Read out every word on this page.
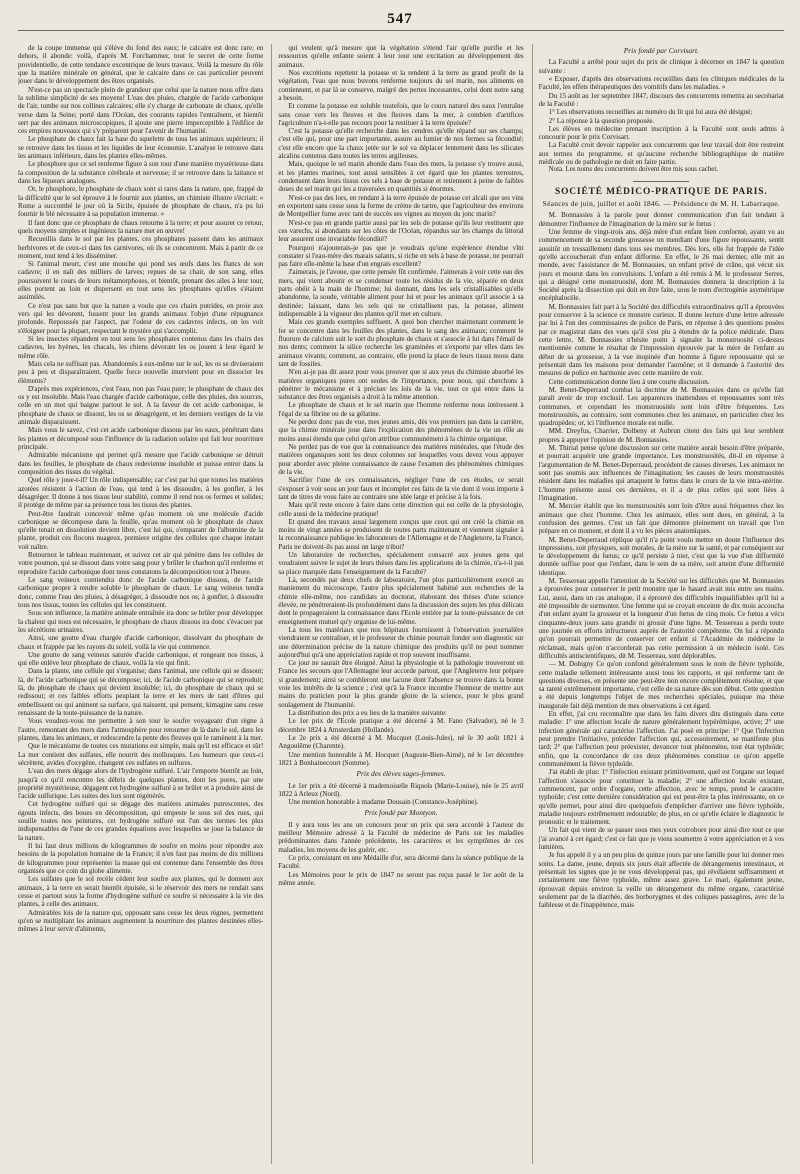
547

de la coupe immense qui s'élève du fond des eaux; le calcaire est donc rare; en dehors, il abonde: voilà, d'après M. Forchammer, tout le secret de cette forme providentielle, de cette tendance excentrique de leurs travaux. Voilà la mesure du rôle que la matière minérale en général, que le calcaire dans ce cas particulier peuvent jouer dans le développement des êtres organisés.

N'est-ce pas un spectacle plein de grandeur que celui que la nature nous offre dans la sublime simplicité de ses moyens! L'eau des pluies, chargée de l'acide carbonique de l'air, tombe sur nos collines calcaires; elle s'y charge de carbonate de chaux, qu'elle verse dans la Seine; porté dans l'Océan, des courants rapides l'entraînent, et bientôt sert par des animaux microscopiques, il ajoute une pierre imperceptible à l'édifice de ces empires nouveaux qui s'y préparent pour l'avenir de l'humanité.

Le phosphate de chaux fait la base du squelette de tous les animaux supérieurs; il se retrouve dans les tissus et les liquides de leur économie. L'analyse le retrouve dans les animaux inférieurs, dans les plantes elles-mêmes.

Le phosphore que ce sel renferme figure à son tour d'une manière mystérieuse dans la composition de la substance cérébrale et nerveuse; il se retrouve dans la laitance et dans les liqueurs analogues.

Or, le phosphore, le phosphate de chaux sont si rares dans la nature, que, frappé de la difficulté que le sol éprouve à le fournir aux plantes, un chimiste illustre s'écriait: « Rome a succombé le jour où la Sicile, épuisée de phosphate de chaux, n'a pu lui fournir le blé nécessaire à sa population immense. »

Il faut donc que ce phosphate de chaux retourne à la terre; et pour assurer ce retour, quels moyens simples et ingénieux la nature met en œuvre!

Recueillis dans le sol par les plantes, ces phosphates passent dans les animaux herbivores et de ceux-ci dans les carnivores, où ils se concentrent. Mais à partir de ce moment, tout tend à les disséminer.

Si l'animal meurt, c'est une mouche qui pond ses œufs dans les flancs de son cadavre; il en naît des milliers de larves; repues de sa chair, de son sang, elles poursuivent le cours de leurs métamorphoses, et bientôt, prenant des ailes à leur tour, elles portent au loin et dispersent en tout sens les phosphates qu'elles s'étaient assimilés.

Ce n'est pas sans but que la nature a voulu que ces chairs putrides, en proie aux vers qui les dévorent, fussent pour les grands animaux l'objet d'une répugnance profonde. Repoussés par l'aspect, par l'odeur de ces cadavres infects, on les voit s'éloigner pour la plupart, respectant le mystère qui s'accomplit.

Si les insectes répandent en tout sens les phosphates contenus dans les chairs des cadavres, les hyènes, les chacals, les chiens dévorant les os jouent à leur égard le même rôle.

Mais cela ne suffisait pas. Abandonnés à eux-même sur le sol, les os se diviseraient peu à peu et disparaîtraient. Quelle force nouvelle intervient pour en dissocier les éléments?

D'après mes expériences, c'est l'eau, non pas l'eau pure; le phosphate de chaux des os y est insoluble. Mais l'eau chargée d'acide carbonique, celle des pluies, des sources, celle en un mot qui baigne partout le sol. A la faveur de cet acide carbonique, le phosphate de chaux se dissout, les os se désagrègent, et les derniers vestiges de la vie animale disparaissent.

Mais vous le savez, c'est cet acide carbonique dissous par les eaux, pénétrant dans les plantes et décomposé sous l'influence de la radiation solaire qui fait leur nourriture principale.

Admirable mécanisme qui permet qu'à mesure que l'acide carbonique se détruit dans les feuilles, le phosphate de chaux redevienne insoluble et puisse entrer dans la composition des tissus du végétal.

Quel rôle y joue-t-il? Un rôle indispensable; car c'est par lui que toutes les matières azotées résistent à l'action de l'eau, qui tend à les dissoudre, à les gonfler, à les désagréger. Il donne à nos tissus leur stabilité, comme il rend nos os fermes et solides; il protège de même par sa présence tous les tissus des plantes.

Peut-être faudrait concevoir même qu'au moment où une molécule d'acide carbonique se décompose dans la feuille, qu'au moment où le phosphate de chaux qu'elle tenait en dissolution devient libre, c'est lui qui, s'emparant de l'albumine de la plante, produit ces flocons nuageux, premiere origine des cellules que chaque instant voit naître.

Retournez le tableau maintenant, et suivez cet air qui pénètre dans les cellules de votre poumon, qui se dissout dans votre sang pour y brûler le charbon qu'il renferme et reproduire l'acide carbonique dont nous constatons la décomposition tout à l'heure.

Le sang veineux contiendra donc de l'acide carbonique dissous, de l'acide carbonique propre à rendre soluble le phosphate de chaux. Le sang veineux tendra donc, comme l'eau des pluies, à désagréger, à dissoudre nos os; à gonfler, à dissoudre tous nos tissus, toutes les cellules qui les constituent.

Sous son influence, la matière animale entraînée ira donc se brûler pour développer la chaleur qui nous est nécessaire, le phosphate de chaux dissous ira donc s'évacuer par les sécrétions urinaires.

Ainsi, une goutte d'eau chargée d'acide carbonique, dissolvant du phosphate de chaux et frappée par les rayons du soleil, voilà la vie qui commence.

Une goutte de sang veineux saturée d'acide carbonique, et rongeant nos tissus, à qui elle enlève leur phosphate de chaux, voilà la vie qui finit.

Dans la plante, une cellule qui s'organise; dans l'animal, une cellule qui se dissout; là, de l'acide carbonique qui se décompose; ici, de l'acide carbonique qui se reproduit; là, du phosphate de chaux qui devient insoluble; ici, du phosphate de chaux qui se redissout; et ces faibles efforts peuplant la terre et les mers de tant d'êtres qui embellissent ou qui animent sa surface, qui naissent, qui pensent, kimagine sans cesse renaissant de la toute-puissance de la nature.

Vous voudrez-vous me permettre à son tour le soufre voyageant d'un règne à l'autre, remontant des mers dans l'atmosphère pour retourner de là dans le sol, dans les plantes, dans les animaux, et redescendre la pente des fleuves qui le ramènent à la mer.

Que le mécanisme de toutes ces mutations est simple, mais qu'il est efficace et sûr! La mer contient des sulfates, elle nourrit des mollusques. Les humeurs que ceux-ci sécrètent, avides d'oxygène, changent ces sulfates en sulfures.

L'eau des mers dégage alors de l'hydrogène sulfuré. L'air l'emporte bientôt au loin, jusqu'à ce qu'il rencontre les débris de quelques plantes, dont les pores, par une propriété mystérieuse, dégagent cet hydrogène sulfuré à se brûler et à produire ainsi de l'acide sulfurique. Les suites des lors sont régénérés.

Cet hydrogène sulfuré qui se dégage des matières animales putrescentes, des égouts infects, des boues en décomposition, qui empeste le sous sol des rues, qui souille toutes nos peintures, cet hydrogène sulfuré est l'un des termes les plus indispensables de l'une de ces grandes équations avec lesquelles se joue la balance de la nature.

Il lui faut deux millions de kilogrammes de soufre en moins pour répondre aux besoins de la population humaine de la France; il n'en faut pas moins de dix millions de kilogrammes pour représenter la masse qui est contenue dans l'ensemble des êtres organisés que ce coin du globe alimente.

Les sulfates que le sol recèle cèdent leur soufre aux plantes, qui le donnent aux animaux, à la terre en serait bientôt épuisée, si le réservoir des mers ne rendait sans cesse et partout sous la forme d'hydrogène sulfuré ce soufre si nécessaire à la vie des plantes, à celle des animaux.

Admirables lois de la nature qui, opposant sans cesse les deux règnes, permettent qu'en se multipliant les animaux augmentent la nourriture des plantes destinées elles-mêmes à leur servir d'aliments,

qui veulent qu'à mesure que la végétation s'étend l'air qu'elle purifie et les ressources qu'elle enfante soient à leur tour une excitation au développement des animaux.

Nos excrétions rejettent la potasse et la rendent à la terre au grand profit de la végétation, l'eau que nous buvons renferme toujours du sel marin, nos aliments en contiennent, et par là se conserve, malgré des pertes incessantes, celui dont notre sang a besoin.

Et comme la potasse est soluble toutefois, que le cours naturel des eaux l'entraîne sans cesse vers les fleuves et des fleuves dans la mer, à combien d'artifices l'agriculture n'a-t-elle pas recours pour la restituer à la terre épuisée?

C'est la potasse qu'elle recherche dans les cendres qu'elle répand sur ses champs; c'est elle qui, pour une part importante, assure au fumier de nos fermes sa fécondité; c'est elle encore que la chaux jetée sur le sol va déplacer lentement dans les silicates alcalins contenus dans toutes les terres argileuses.

Mais, quoique le sel marin abonde dans l'eau des mers, la potasse s'y trouve aussi, et les plantes marines, tout aussi sensibles à cet égard que les plantes terrestres, condensent dans leurs tissus ces sels à base de potasse et retiennent à peine de faibles doses du sel marin qui les a traversées en quantités si énormes.

N'est-ce pas des lors, en rendant à la terre épuisée de potasse cet alcali que ses vins en exportent sans cesse sous la forme de crème de tartre, que l'agriculteur des environs de Montpellier fume avec tant de succès ses vignes au moyen du jonc marin?

N'est-ce pas en grande partie aussi par les sels de potasse qu'ils leur restituent que ces varechs, si abondants sur les côtes de l'Océan, répandus sur les champs du littoral leur assurent une invariable fécondité?

Pourquoi n'ajouterais-je pas que je voudrais qu'une expérience étendue vînt constater si l'eau-mère des marais salants, si riche en sels à base de potasse, ne pourrait pas faire elle-même la base d'un engrais excellent?

J'aimerais, je l'avoue, que cette pensée fût confirmée. J'aimerais à voir cette eau des mers, qui vient aboutir et se condenser toute les résidus de la vie, séparée en deux parts obéir à la main de l'homme; lui donnant, dans les sels cristallisables qu'elle abandonne, la soude, véritable aliment pour lui et pour les animaux qu'il associe à sa destinée; laissant, dans les sels qui ne cristallisent pas, la potasse, aliment indispensable à la vigueur des plantes qu'il met en culture.

Mais ces grands exemples suffisent. A quoi bon chercher maintenant comment le fer se concentre dans les feuilles des plantes, dans le sang des animaux; comment le fluorure de calcium suit le sort du phosphate de chaux et s'associe à lui dans l'émail de nos dents; comment la silice recherche les graminées et s'exporte par elles dans les animaux vivants; comment, au contraire, elle prend la place de leurs tissus mous dans tant de fossiles.

N'en ai-je pas dit assez pour vous prouver que si aux yeux du chimiste absorbé les matières organiques pures ont seules de l'importance, pour nous, qui cherchons à pénétrer le mécanisme et à préciser les lois de la vie, tout ce qui entre dans la substance des êtres organisés a droit à la même attention.

Le phosphate de chaux et le sel marin que l'homme renferme nous intéressent à l'égal de sa fibrine ou de sa gélatine.

Ne perdez donc pas de vue, mes jeunes amis, dès vos premiers pas dans la carrière, que la chimie minérale joue dans l'explication des phénomènes de la vie un rôle au moins aussi étendu que celui qu'on attribue communément à la chimie organique.

Ne perdez pas de vue que la connaissance des matières minérales, que l'étude des matières organiques sont les deux colonnes sur lesquelles vous devez vous appuyer pour aborder avec pleine connaissance de cause l'examen des phénomènes chimiques de la vie.

Sacrifier l'une de ces connaissances, négliger l'une de ces études, ce serait s'exposer à voir sous un jour faux et incomplet ces faits de la vie dont il vous importe à tant de titres de vous faire au contraire une idée large et précise à la fois.

Mais qu'il reste encore à faire dans cette direction qui est celle de la physiologie, celle aussi de la médecine pratique!

Et quand des travaux aussi largement conçus que ceux qui ont créé la chimie en moins de vingt années se produisent de toutes parts maintenant et viennent signaler à la reconnaissance publique les laborateurs de l'Allemagne et de l'Angleterre, la France, Paris ne doivent-ils pas aussi un large tribut?

Un laboratoire de recherches, spécialement consacré aux jeunes gens qui voudraient suivre le sujet de leurs thèses dans les applications de la chimie, n'a-t-il pas sa place marquée dans l'enseignement de la Faculté?

Là, secondés par deux chefs de laboratoire, l'un plus particulièrement exercé au maniement du microscope, l'autre plus spécialement habitué aux recherches de la chimie elle-même, nos candidats au doctorat, élaborant des thèses d'une science élevée, ne pénétreraient-ils profondément dans la discussion des sujets les plus délicats dont le propageraient la connaissance dans l'Ecole entière par la toute-puissance de cet enseignement mutuel qu'y organise de lui-même.

La tous les matériaux que nos hôpitaux fournissent à l'observation journalière viendraient se centraliser, et le professeur de chimie pourrait fonder son diagnostic sur une détermination précise de la nature chimique des produits qu'il ne peut nommer aujourd'hui qu'à une appréciation rapide et trop souvent insuffisante.

Ce jour ne saurait être éloigné. Ainsi la physiologie et la pathologie trouveront en France les secours que l'Allemagne leur accorde partout, que l'Angleterre leur prépare si grandement; ainsi se combleront une lacune dont l'absence se trouve dans la bonne voie les intérêts de la science ; c'est qu'à la France incombe l'honneur de mettre aux mains du praticien pour la plus grande gloire de la science, pour le plus grand soulagement de l'humanité.

La distribution des prix a eu lieu de la manière suivante:

Le 1er prix de l'Ecole pratique a été décerné à M. Fano (Salvador), né le 3 décembre 1824 à Amsterdam (Hollande).

Le 2e prix a été décerné à M. Mocquet (Louis-Jules), né le 30 août 1821 à Angoulême (Charente).

Une mention honorable à M. Hocquet (Auguste-Bien-Aimé), né le 1er décembre 1821 à Bonhainecourt (Somme).

Prix des élèves sages-femmes.

Le 1er prix a été décerné à mademoiselle Riquols (Marie-Louise), née le 25 avril 1822 à Arleux (Nord).

Une mention honorable à madame Dousain (Constance-Joséphine).

Prix fondé par Montyon.

Il y aura tous les ans un concours pour un prix qui sera accordé à l'auteur du meilleur Mémoire adressé à la Faculté de médecine de Paris sur les maladies prédominantes dans l'année précédente, les caractères et les symptômes de ces maladies, les moyens de les guérir, etc.

Ce prix, consistant en une Médaille d'or, sera décerné dans la séance publique de la Faculté.

Les Mémoires pour le prix de 1847 ne seront pas reçus passé le 1er août de la même année.

Prix fondé par Corvisart.

La Faculté a arrêté pour sujet du prix de clinique à décerner en 1847 la question suivante :

« Exposer, d'après des observations recueillies dans les cliniques médicales de la Faculté, les effets thérapeutiques des vomitifs dans les maladies. »

Du 15 août au 1er septembre 1847, discours des concurrents remettra au secrétariat de la Faculté :

1° Les observations recueillies au numéro du lit qui lui aura été désigné;

2° La réponse à la question proposée.

Les élèves en médecine prenant inscription à la Faculté sont seuls admis à concourir pour le prix Corvisart.

La Faculté croit devoir rappeler aux concurrents que leur travail doit être restreint aux termes du programme, et qu'aucune recherche bibliographique de matière médicale ou de pathologie ne doit en faire partie.

Nota. Les noms des concurrents doivent être mis sous cachet.

SOCIÉTÉ MÉDICO-PRATIQUE DE PARIS.

Séances de juin, juillet et août 1846. — Présidence de M. H. Labarraque.

M. Bonnassies à la parole pour donner communication d'un fait tendant à démontrer l'influence de l'imagination de la mère sur le fœtus :

Une femme de vingt-trois ans, déjà mère d'un enfant bien conformé, ayant vu au commencement de sa seconde grossesse un mendiant d'une figure repoussante, sentit aussitôt un tressaillement dans tous ses membres. Dès lors, elle fut frappée de l'idée qu'elle accoucherait d'un enfant difforme. En effet, le 26 mai dernier, elle mit au monde, avec l'assistance de M. Bonnassies, un enfant privé de crâne, qui vécut six jours et mourut dans les convulsions. L'enfant a été remis à M. le professeur Serres, qui a désigné cette monstruosité, dont M. Bonnassies donnera la description à la Société après la dissection qui doit en être faite, sous le nom d'ectrogénie asymétrique encéphalocèle.

M. Bonnassies fait part à la Société des difficultés extraordinaires qu'il a éprouvées pour conserver à la science ce monstre curieux. Il donne lecture d'une lettre adressée par lui à l'un des commissaires de police de Paris, en réponse à des questions posées par ce magistrat dans des vues qu'il s'est plu à étendre de la police médicale. Dans cette lettre, M. Bonnassies n'hésite point à signaler la monstruosité ci-dessus mentionnée comme le résultat de l'impression éprouvée par la mère de l'enfant au début de sa grossesse, à la vue inopinée d'un homme à figure repoussante qui se présentait dans les maisons pour demander l'aumône; et il demande à l'autorité des mesures de police en harmonie avec cette manière de voir.

Cette communication donne lieu à une courte discussion.

M. Benet-Deperraud combat la doctrine de M. Bonnassies dans ce qu'elle fait paraît avoir de trop exclusif. Les apparences inattendues et repoussantes sont très communes, et cependant les monstruosités sont loin d'être fréquentes. Les monstruosités, au contraire, sont communes chez les animaux, en particulier chez les quadrupèdes; or, ici l'influence morale est nulle.

MM. Dreyfus, Charrier, Dolbeny et Aubrun citent des faits qui leur semblent propres à appuyer l'opinion de M. Bonnassies.

M. Thirial pense qu'une discussion sur cette matière aurait besoin d'être préparée, et pourrait acquérir une grande importance. Les monstruosités, dit-il en réponse à l'argumentation de M. Benet-Deperraud, procèdent de causes diverses. Les animaux ne sont pas soumis aux influences de l'imagination; les causes de leurs monstruosités résident dans les maladies qui attaquent le fœtus dans le cours de la vie intra-utérine. L'homme présente aussi ces dernières, et il a de plus celles qui sont liées à l'imagination.

M. Mercier établit que les monstruosités sont loin d'être aussi fréquentes chez les animaux que chez l'homme. Chez les animaux, elles sont dues, en général, à la confusion des germes. C'est un fait que démontre pleinement un travail que l'on prépare en ce moment, et dont il a vu les pièces anatomiques.

M. Benet-Deperraud réplique qu'il n'a point voulu mettre en doute l'influence des impressions, soit physiques, soit morales, de la mère sur la santé, et par conséquent sur le développement du fœtus; ce qu'il persiste à nier, c'est que la vue d'un difformité donnée suffise pour que l'enfant, dans le sein de sa mère, soit atteint d'une difformité identique.

M. Tessereau appelle l'attention de la Société sur les difficultés que M. Bonnassies a éprouvées pour conserver le petit monstre que le hasard avait mis entre ses mains. Lui, aussi, dans un cas analogue, il a éprouvé des difficultés inqualifiables qu'il lui a été impossible de surmonter. Une femme qui se croyait enceinte de dix mois accoucha d'un enfant ayant la grosseur et la longueur d'un fœtus de cinq mois. Ce fœtus a vécu cinquante-deux jours sans grandir ni grossir d'une ligne. M. Tessereau a perdu toute une journée en efforts infructueux auprès de l'autorité compétente. On lui a répondu qu'on pourrait permettre de conserver cet enfant si l'Académie de médecine le réclamait, mais qu'on n'accorderait pas cette permission à un médecin isolé. Ces difficultés antiscientifiques, dit M. Tessereau, sont déplorables.

— M. Dobigny Ce qu'on confond généralement sous le nom de fièvre typhoïde, cette maladie tellement intéressante aussi tous les rapports, et qui renferme tant de questions diverses, en présente une peut-être non encore complètement résolue, et que sa rareté extrêmement importante, c'est celle de sa nature dès son début. Cette question a été depuis longtemps l'objet de mes recherches spéciales, puisque ma thèse inaugurale fait déjà mention de mes observations à cet égard.

En effet, j'ai cru reconnaître que dans les faits divers dits distingués dans cette maladie: 1° une affection locale de nature généralement hypérémique, active; 2° une infection générale qui caractérise l'affection. J'ai posé en principe: 1° Que l'infection peut prendre l'initiative, précéder l'affection qui, accessoirement, se manifeste plus tard; 2° que l'affection peut préexister, devancer tout phénomène, tout état typhoïde; enfin, que la concordance de ces deux phénomènes constitue ce qu'on appelle communément la fièvre typhoïde.

J'ai établi de plus: 1° l'infection existant primitivement, quel est l'organe sur lequel l'affection s'associe pour constituer la maladie; 2° une affection locale existant, commencent, par ordre d'organe, cette affection, avec le temps, prend le caractère typhoïde; c'est cette dernière considération qui est peut-être la plus intéressante, en ce qu'elle permet, pour ainsi dire quelquefois d'empêcher d'arriver une fièvre typhoïde, maladie toujours extrêmement redoutable; de plus, en ce qu'elle éclaire le diagnostic le pronostic et le traitement.

Un fait qui vient de se passer sous mes yeux corrobore pour ainsi dire tout ce que j'ai avancé à cet égard; c'est ce fait que je viens soumettre à votre appréciation et à vos lumières.

Je fus appelé il y a un peu plus de quinze jours par une famille pour lui donner mes soins. La dame, jeune, depuis six jours était affectée de dérangements intestinaux, et présentait les signes que je ne vous développerai pas, qui révélaient suffisamment et certainement une fièvre typhoïde, même assez grave. Le mari, également jeune, éprouvait depuis environ la veille un dérangement du même organe, caractérisé seulement par de la diarrhée, des borborygmes et des coliques passagères, avec de la faiblesse et de l'inappétence, mais
